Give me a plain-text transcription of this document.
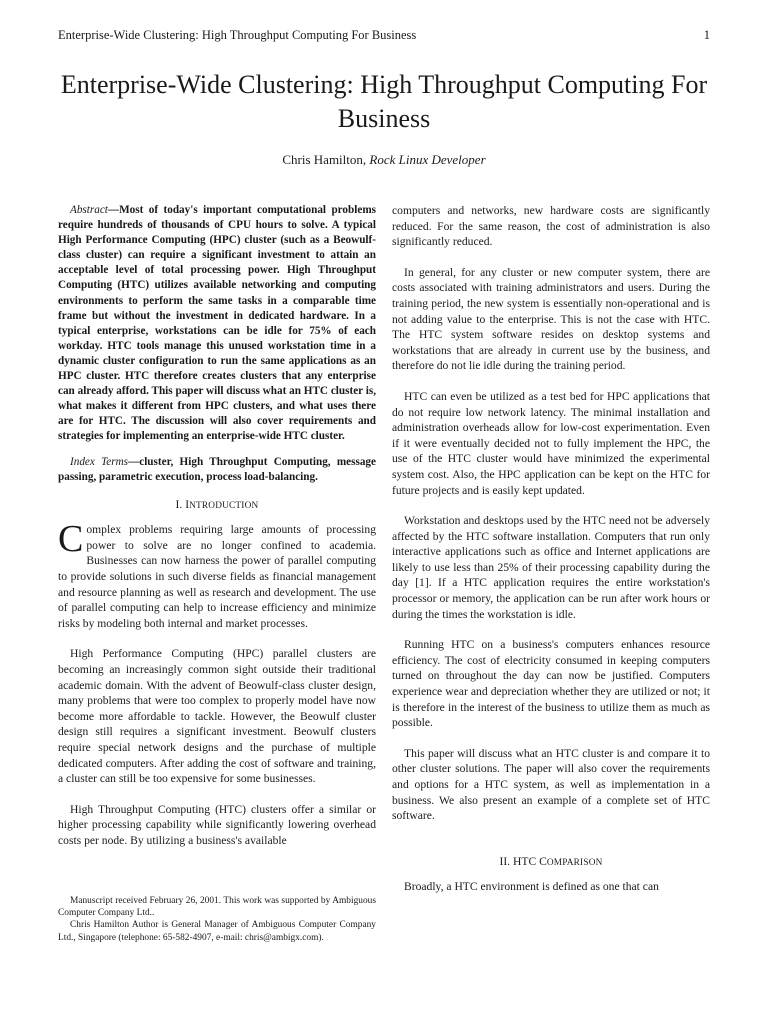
Enterprise-Wide Clustering: High Throughput Computing For Business	1
Enterprise-Wide Clustering: High Throughput Computing For Business
Chris Hamilton, Rock Linux Developer

Abstract—Most of today's important computational problems require hundreds of thousands of CPU hours to solve. A typical High Performance Computing (HPC) cluster (such as a Beowulf-class cluster) can require a significant investment to attain an acceptable level of total processing power. High Throughput Computing (HTC) utilizes available networking and computing environments to perform the same tasks in a comparable time frame but without the investment in dedicated hardware. In a typical enterprise, workstations can be idle for 75% of each workday. HTC tools manage this unused workstation time in a dynamic cluster configuration to run the same applications as an HPC cluster. HTC therefore creates clusters that any enterprise can already afford. This paper will discuss what an HTC cluster is, what makes it different from HPC clusters, and what uses there are for HTC. The discussion will also cover requirements and strategies for implementing an enterprise-wide HTC cluster.

Index Terms—cluster, High Throughput Computing, message passing, parametric execution, process load-balancing.

I. INTRODUCTION

Complex problems requiring large amounts of processing power to solve are no longer confined to academia. Businesses can now harness the power of parallel computing to provide solutions in such diverse fields as financial management and resource planning as well as research and development. The use of parallel computing can help to increase efficiency and minimize risks by modeling both internal and market processes.

High Performance Computing (HPC) parallel clusters are becoming an increasingly common sight outside their traditional academic domain. With the advent of Beowulf-class cluster design, many problems that were too complex to properly model have now become more affordable to tackle. However, the Beowulf cluster design still requires a significant investment. Beowulf clusters require special network designs and the purchase of multiple dedicated computers. After adding the cost of software and training, a cluster can still be too expensive for some businesses.

High Throughput Computing (HTC) clusters offer a similar or higher processing capability while significantly lowering overhead costs per node. By utilizing a business's available

computers and networks, new hardware costs are significantly reduced. For the same reason, the cost of administration is also significantly reduced.

In general, for any cluster or new computer system, there are costs associated with training administrators and users. During the training period, the new system is essentially non-operational and is not adding value to the enterprise. This is not the case with HTC. The HTC system software resides on desktop systems and workstations that are already in current use by the business, and therefore do not lie idle during the training period.

HTC can even be utilized as a test bed for HPC applications that do not require low network latency. The minimal installation and administration overheads allow for low-cost experimentation. Even if it were eventually decided not to fully implement the HPC, the use of the HTC cluster would have minimized the experimental system cost. Also, the HPC application can be kept on the HTC for future projects and is easily kept updated.

Workstation and desktops used by the HTC need not be adversely affected by the HTC software installation. Computers that run only interactive applications such as office and Internet applications are likely to use less than 25% of their processing capability during the day [1]. If a HTC application requires the entire workstation's processor or memory, the application can be run after work hours or during the times the workstation is idle.

Running HTC on a business's computers enhances resource efficiency. The cost of electricity consumed in keeping computers turned on throughout the day can now be justified. Computers experience wear and depreciation whether they are utilized or not; it is therefore in the interest of the business to utilize them as much as possible.

This paper will discuss what an HTC cluster is and compare it to other cluster solutions. The paper will also cover the requirements and options for a HTC system, as well as implementation in a business. We also present an example of a complete set of HTC software.

II. HTC COMPARISON

Broadly, a HTC environment is defined as one that can

Manuscript received February 26, 2001. This work was supported by Ambiguous Computer Company Ltd..

Chris Hamilton Author is General Manager of Ambiguous Computer Company Ltd., Singapore (telephone: 65-582-4907, e-mail: chris@ambigx.com).
